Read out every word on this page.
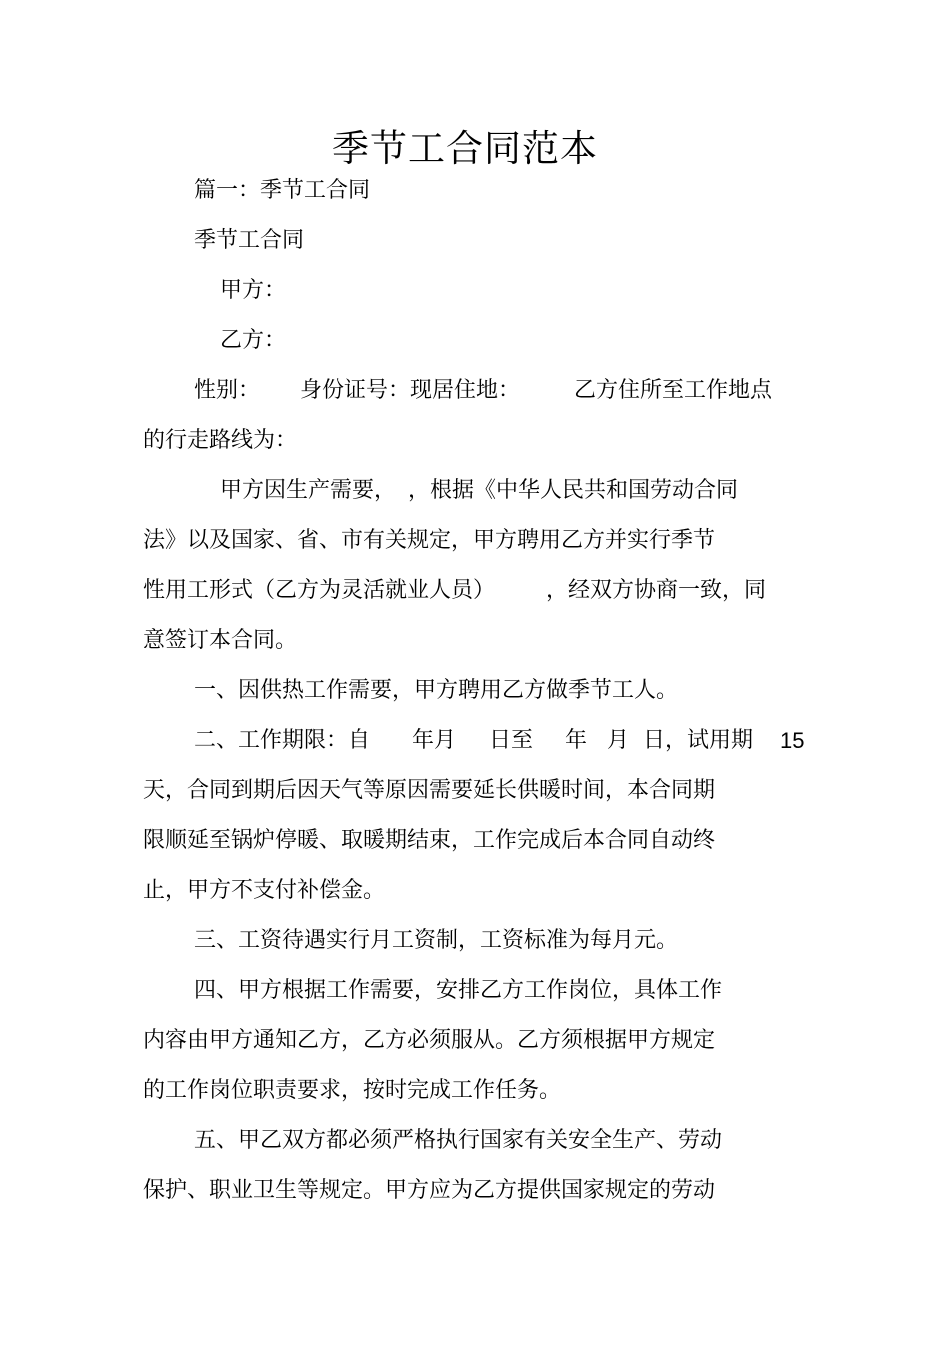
季节工合同范本
篇一：季节工合同
季节工合同
甲方：
乙方：
性别： 身份证号：现居住地： 乙方住所至工作地点
的行走路线为：
甲方因生产需要， ，根据《中华人民共和国劳动合同
法》以及国家、省、市有关规定，甲方聘用乙方并实行季节
性用工形式（乙方为灵活就业人员） ，经双方协商一致，同
意签订本合同。
一、因供热工作需要，甲方聘用乙方做季节工人。
二、工作期限：自 年月 日至 年 月 日，试用期 15
天，合同到期后因天气等原因需要延长供暖时间，本合同期
限顺延至锅炉停暖、取暖期结束，工作完成后本合同自动终
止，甲方不支付补偿金。
三、工资待遇实行月工资制，工资标准为每月元。
四、甲方根据工作需要，安排乙方工作岗位，具体工作
内容由甲方通知乙方，乙方必须服从。乙方须根据甲方规定
的工作岗位职责要求，按时完成工作任务。
五、甲乙双方都必须严格执行国家有关安全生产、劳动
保护、职业卫生等规定。甲方应为乙方提供国家规定的劳动
